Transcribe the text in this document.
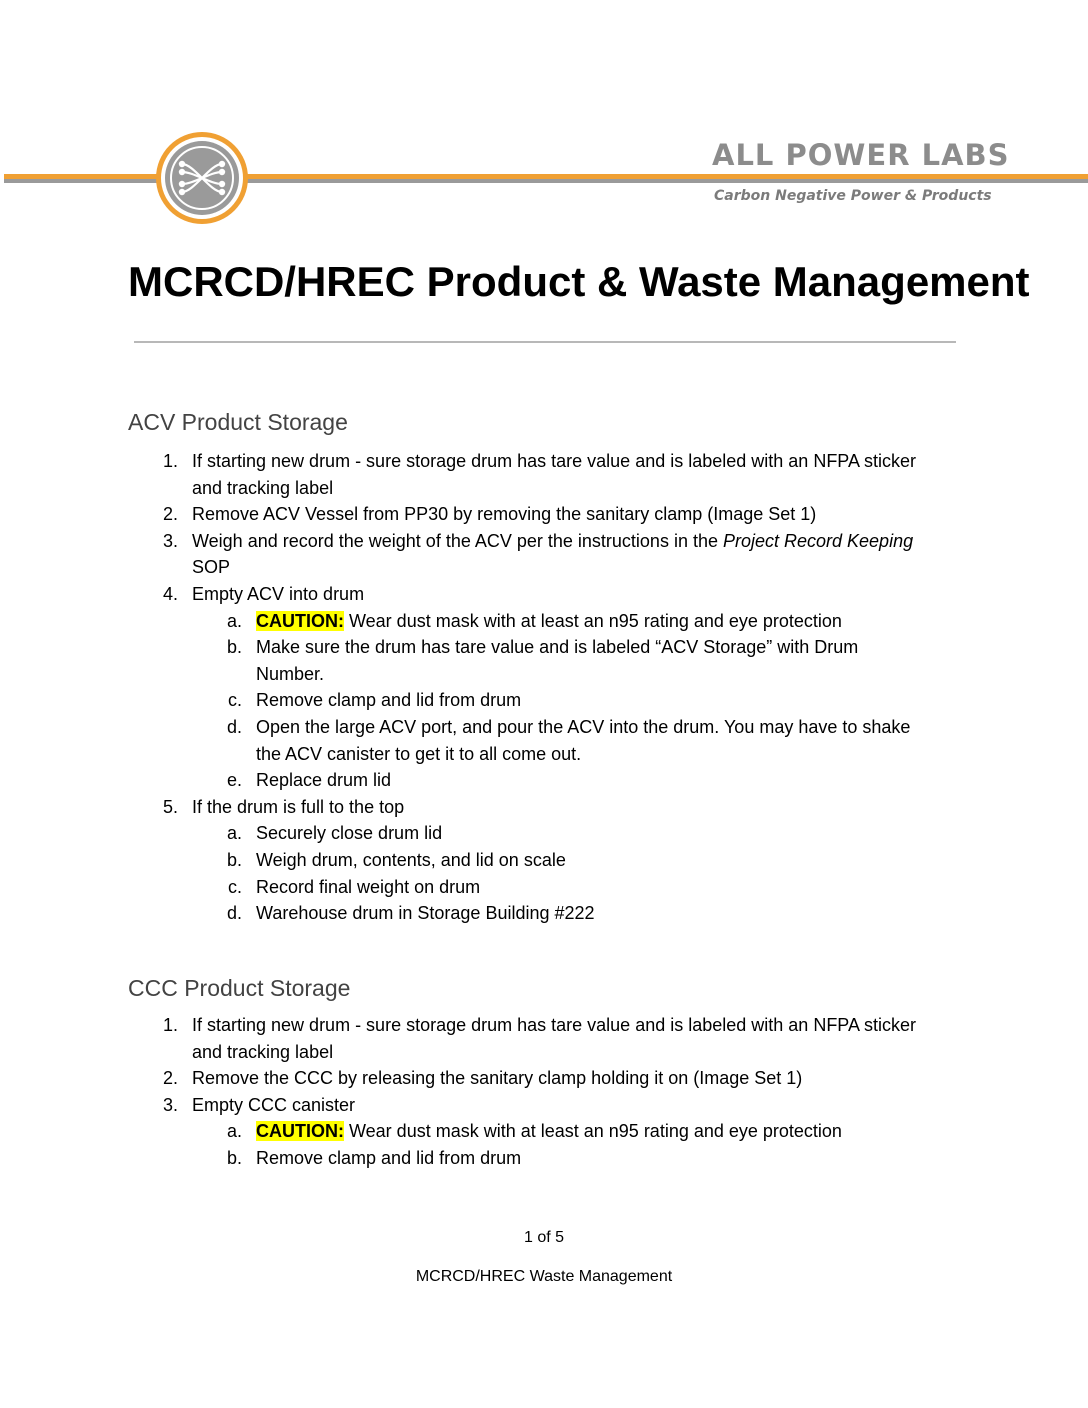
ALL POWER LABS
Carbon Negative Power & Products
MCRCD/HREC Product & Waste Management
ACV Product Storage
1. If starting new drum - sure storage drum has tare value and is labeled with an NFPA sticker and tracking label
2. Remove ACV Vessel from PP30 by removing the sanitary clamp (Image Set 1)
3. Weigh and record the weight of the ACV per the instructions in the Project Record Keeping SOP
4. Empty ACV into drum
a. CAUTION: Wear dust mask with at least an n95 rating and eye protection
b. Make sure the drum has tare value and is labeled “ACV Storage” with Drum Number.
c. Remove clamp and lid from drum
d. Open the large ACV port, and pour the ACV into the drum. You may have to shake the ACV canister to get it to all come out.
e. Replace drum lid
5. If the drum is full to the top
a. Securely close drum lid
b. Weigh drum, contents, and lid on scale
c. Record final weight on drum
d. Warehouse drum in Storage Building #222
CCC Product Storage
1. If starting new drum - sure storage drum has tare value and is labeled with an NFPA sticker and tracking label
2. Remove the CCC by releasing the sanitary clamp holding it on (Image Set 1)
3. Empty CCC canister
a. CAUTION: Wear dust mask with at least an n95 rating and eye protection
b. Remove clamp and lid from drum
1 of 5
MCRCD/HREC Waste Management
